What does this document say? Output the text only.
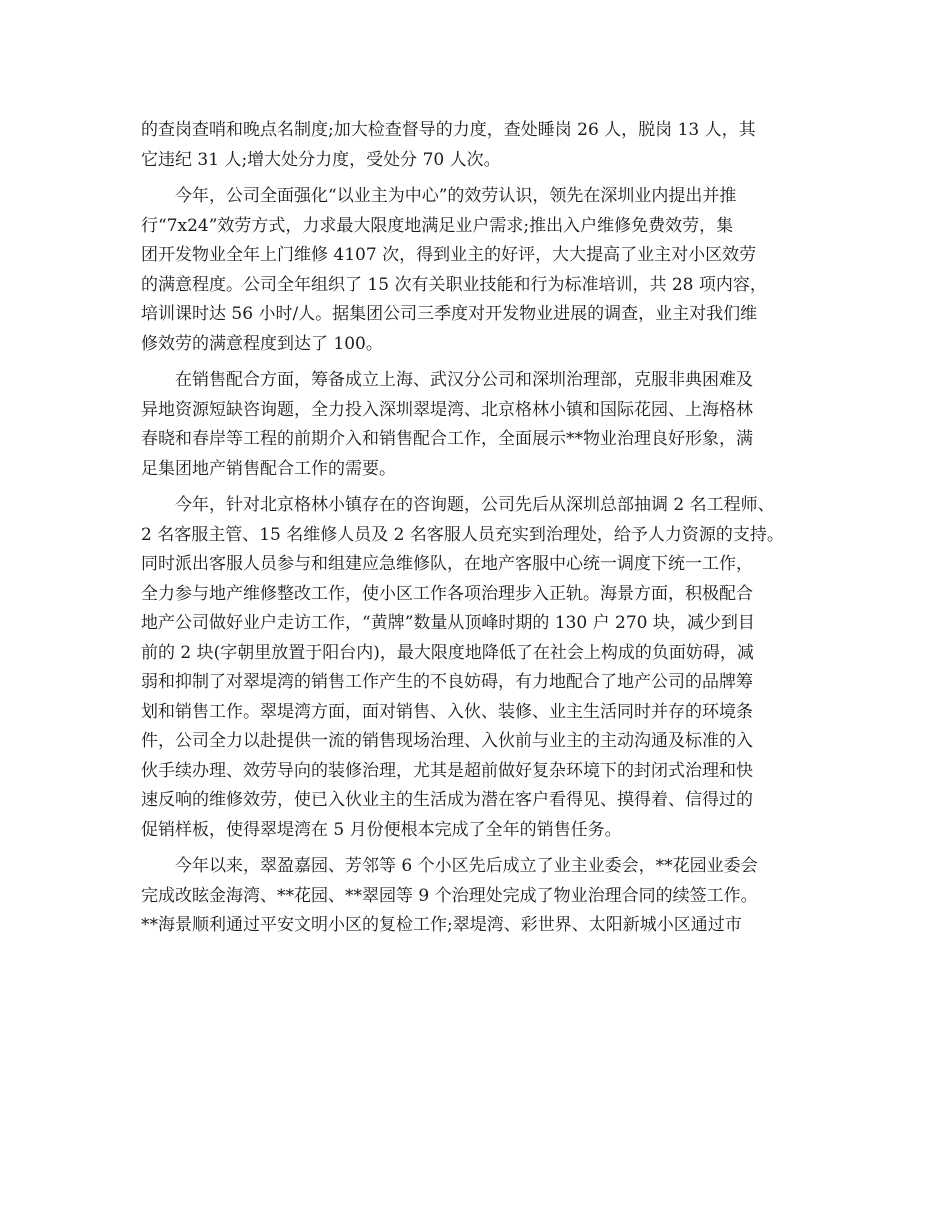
的查岗查哨和晚点名制度;加大检查督导的力度，查处睡岗 26 人，脱岗 13 人，其
它违纪 31 人;增大处分力度，受处分 70 人次。
今年，公司全面强化“以业主为中心”的效劳认识，领先在深圳业内提出并推
行“7x24”效劳方式，力求最大限度地满足业户需求;推出入户维修免费效劳，集
团开发物业全年上门维修 4107 次，得到业主的好评，大大提高了业主对小区效劳
的满意程度。公司全年组织了 15 次有关职业技能和行为标准培训，共 28 项内容，
培训课时达 56 小时/人。据集团公司三季度对开发物业进展的调查，业主对我们维
修效劳的满意程度到达了 100。
在销售配合方面，筹备成立上海、武汉分公司和深圳治理部，克服非典困难及
异地资源短缺咨询题，全力投入深圳翠堤湾、北京格林小镇和国际花园、上海格林
春晓和春岸等工程的前期介入和销售配合工作，全面展示**物业治理良好形象，满
足集团地产销售配合工作的需要。
今年，针对北京格林小镇存在的咨询题，公司先后从深圳总部抽调 2 名工程师、
2 名客服主管、15 名维修人员及 2 名客服人员充实到治理处，给予人力资源的支持。
同时派出客服人员参与和组建应急维修队，在地产客服中心统一调度下统一工作，
全力参与地产维修整改工作，使小区工作各项治理步入正轨。海景方面，积极配合
地产公司做好业户走访工作，“黄牌”数量从顶峰时期的 130 户 270 块，减少到目
前的 2 块(字朝里放置于阳台内)，最大限度地降低了在社会上构成的负面妨碍，减
弱和抑制了对翠堤湾的销售工作产生的不良妨碍，有力地配合了地产公司的品牌筹
划和销售工作。翠堤湾方面，面对销售、入伙、装修、业主生活同时并存的环境条
件，公司全力以赴提供一流的销售现场治理、入伙前与业主的主动沟通及标准的入
伙手续办理、效劳导向的装修治理，尤其是超前做好复杂环境下的封闭式治理和快
速反响的维修效劳，使已入伙业主的生活成为潜在客户看得见、摸得着、信得过的
促销样板，使得翠堤湾在 5 月份便根本完成了全年的销售任务。
今年以来，翠盈嘉园、芳邻等 6 个小区先后成立了业主业委会，**花园业委会
完成改眩金海湾、**花园、**翠园等 9 个治理处完成了物业治理合同的续签工作。
**海景顺利通过平安文明小区的复检工作;翠堤湾、彩世界、太阳新城小区通过市
